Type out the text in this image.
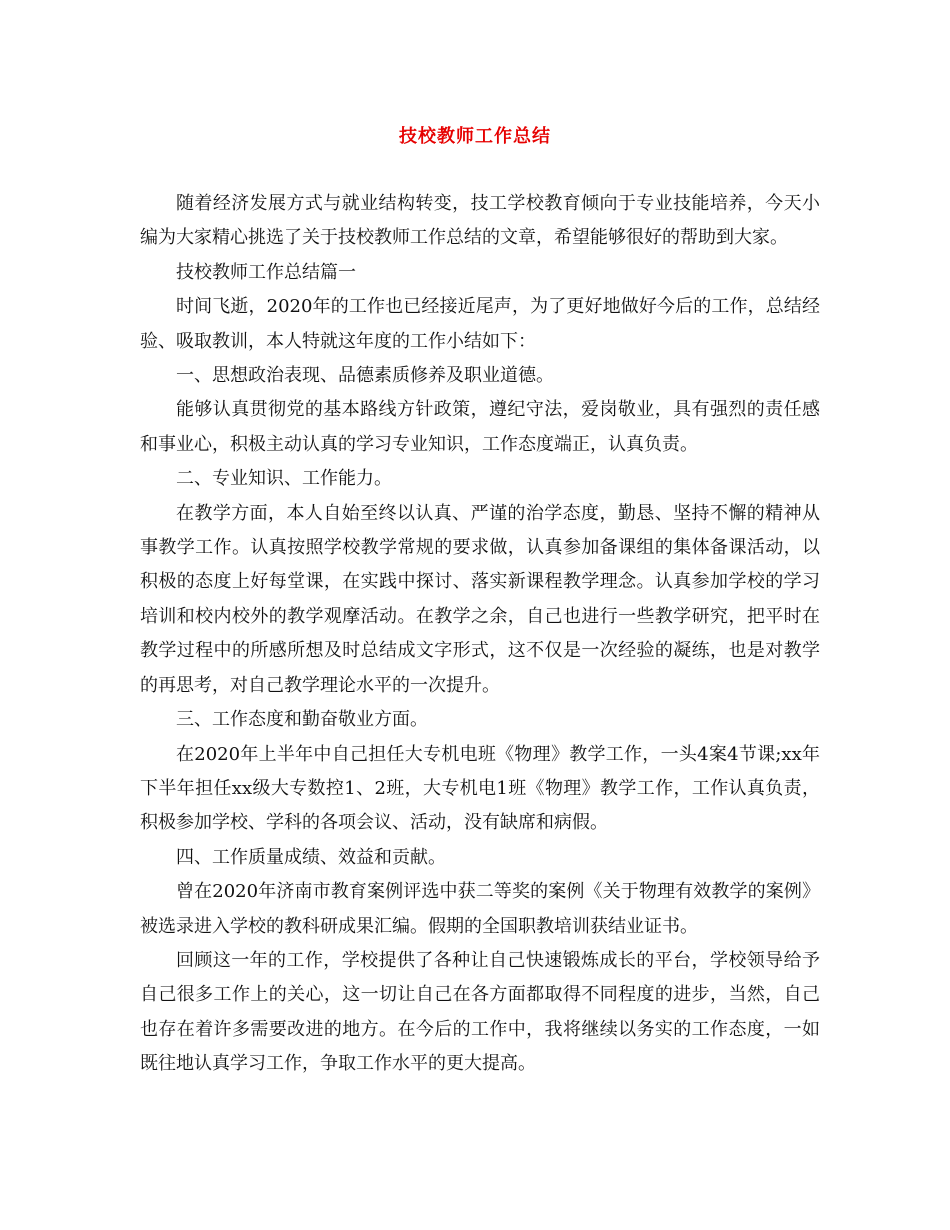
技校教师工作总结

随着经济发展方式与就业结构转变，技工学校教育倾向于专业技能培养，今天小编为大家精心挑选了关于技校教师工作总结的文章，希望能够很好的帮助到大家。

技校教师工作总结篇一

时间飞逝，2020年的工作也已经接近尾声，为了更好地做好今后的工作，总结经验、吸取教训，本人特就这年度的工作小结如下：

一、思想政治表现、品德素质修养及职业道德。

能够认真贯彻党的基本路线方针政策，遵纪守法，爱岗敬业，具有强烈的责任感和事业心，积极主动认真的学习专业知识，工作态度端正，认真负责。

二、专业知识、工作能力。

在教学方面，本人自始至终以认真、严谨的治学态度，勤恳、坚持不懈的精神从事教学工作。认真按照学校教学常规的要求做，认真参加备课组的集体备课活动，以积极的态度上好每堂课，在实践中探讨、落实新课程教学理念。认真参加学校的学习培训和校内校外的教学观摩活动。在教学之余，自己也进行一些教学研究，把平时在教学过程中的所感所想及时总结成文字形式，这不仅是一次经验的凝练，也是对教学的再思考，对自己教学理论水平的一次提升。

三、工作态度和勤奋敬业方面。

在2020年上半年中自己担任大专机电班《物理》教学工作，一头4案4节课;xx年下半年担任xx级大专数控1、2班，大专机电1班《物理》教学工作，工作认真负责，积极参加学校、学科的各项会议、活动，没有缺席和病假。

四、工作质量成绩、效益和贡献。

曾在2020年济南市教育案例评选中获二等奖的案例《关于物理有效教学的案例》被选录进入学校的教科研成果汇编。假期的全国职教培训获结业证书。

回顾这一年的工作，学校提供了各种让自己快速锻炼成长的平台，学校领导给予自己很多工作上的关心，这一切让自己在各方面都取得不同程度的进步，当然，自己也存在着许多需要改进的地方。在今后的工作中，我将继续以务实的工作态度，一如既往地认真学习工作，争取工作水平的更大提高。
